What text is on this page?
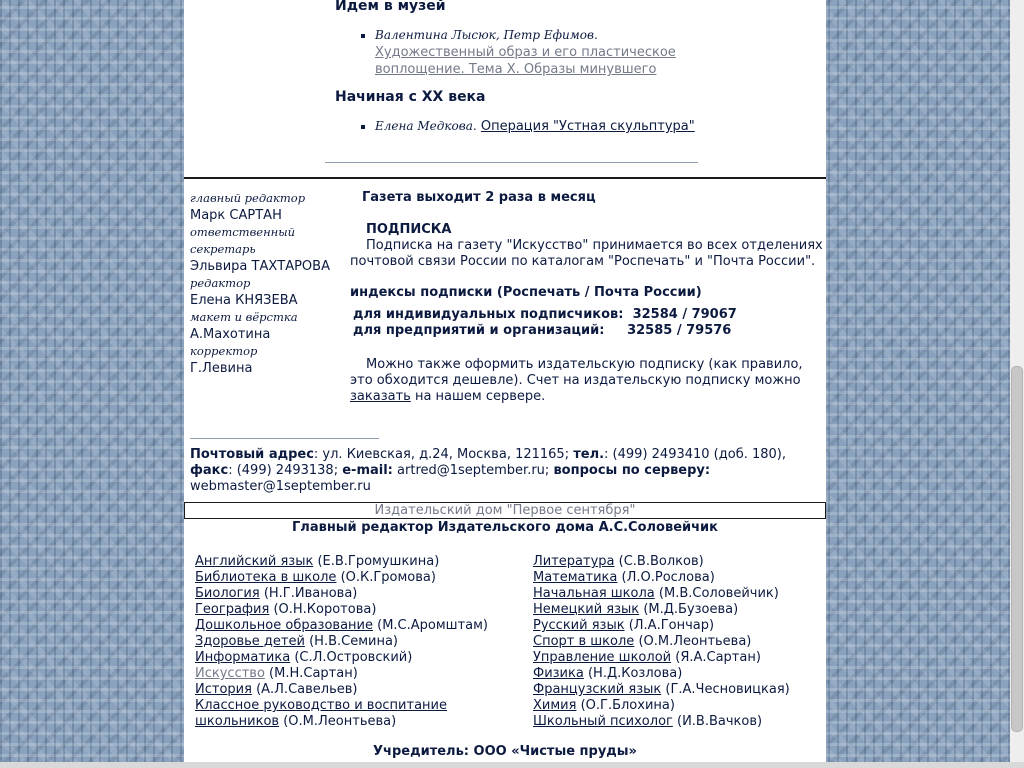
Идем в музей
▪ Валентина Лысюк, Петр Ефимов. Художественный образ и его пластическое воплощение. Тема X. Образы минувшего
Начиная с XX века
▪ Елена Медкова. Операция "Устная скульптура"
главный редактор
Марк САРТАН
ответственный секретарь
Эльвира ТАХТАРОВА
редактор
Елена КНЯЗЕВА
макет и вёрстка
А.Махотина
корректор
Г.Левина
Газета выходит 2 раза в месяц
ПОДПИСКА
Подписка на газету "Искусство" принимается во всех отделениях почтовой связи России по каталогам "Роспечать" и "Почта России".
индексы подписки (Роспечать / Почта России)
для индивидуальных подписчиков: 32584 / 79067
для предприятий и организаций: 32585 / 79576
Можно также оформить издательскую подписку (как правило, это обходится дешевле). Счет на издательскую подписку можно заказать на нашем сервере.
Почтовый адрес: ул. Киевская, д.24, Москва, 121165; тел.: (499) 2493410 (доб. 180), факс: (499) 2493138; e-mail: artred@1september.ru; вопросы по серверу: webmaster@1september.ru
Издательский дом "Первое сентября"
Главный редактор Издательского дома А.С.Соловейчик
Английский язык (Е.В.Громушкина)
Библиотека в школе (О.К.Громова)
Биология (Н.Г.Иванова)
География (О.Н.Коротова)
Дошкольное образование (М.С.Аромштам)
Здоровье детей (Н.В.Семина)
Информатика (С.Л.Островский)
Искусство (М.Н.Сартан)
История (А.Л.Савельев)
Классное руководство и воспитание
школьников (О.М.Леонтьева)
Литература (С.В.Волков)
Математика (Л.О.Рослова)
Начальная школа (М.В.Соловейчик)
Немецкий язык (М.Д.Бузоева)
Русский язык (Л.А.Гончар)
Спорт в школе (О.М.Леонтьева)
Управление школой (Я.А.Сартан)
Физика (Н.Д.Козлова)
Французский язык (Г.А.Чесновицкая)
Химия (О.Г.Блохина)
Школьный психолог (И.В.Вачков)
Учредитель: ООО «Чистые пруды»
